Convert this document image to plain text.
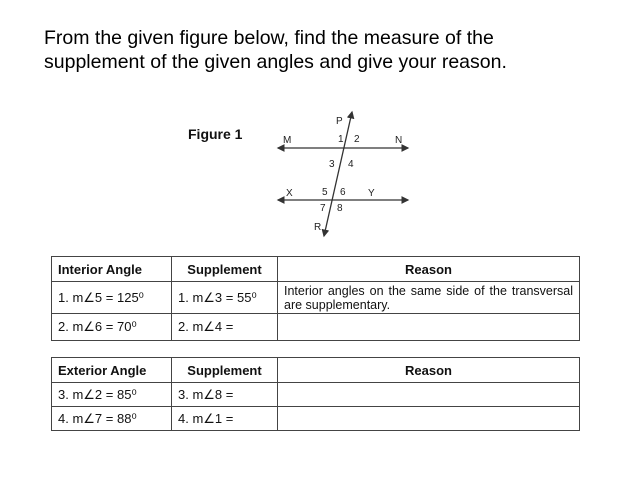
From the given figure below, find the measure of the
supplement of the given angles and give your reason.
Figure 1
P
M	N
X	Y
R
1 2
3 4
5 6
7 8
Interior Angle	Supplement	Reason
1. m∠5 = 125⁰	1. m∠3 = 55⁰	Interior angles on the same side of the transversal are supplementary.

2. m∠6 = 70⁰	2. m∠4 =	
Exterior Angle	Supplement	Reason
3. m∠2 = 85⁰	3. m∠8 =	
4. m∠7 = 88⁰	4. m∠1 =	
